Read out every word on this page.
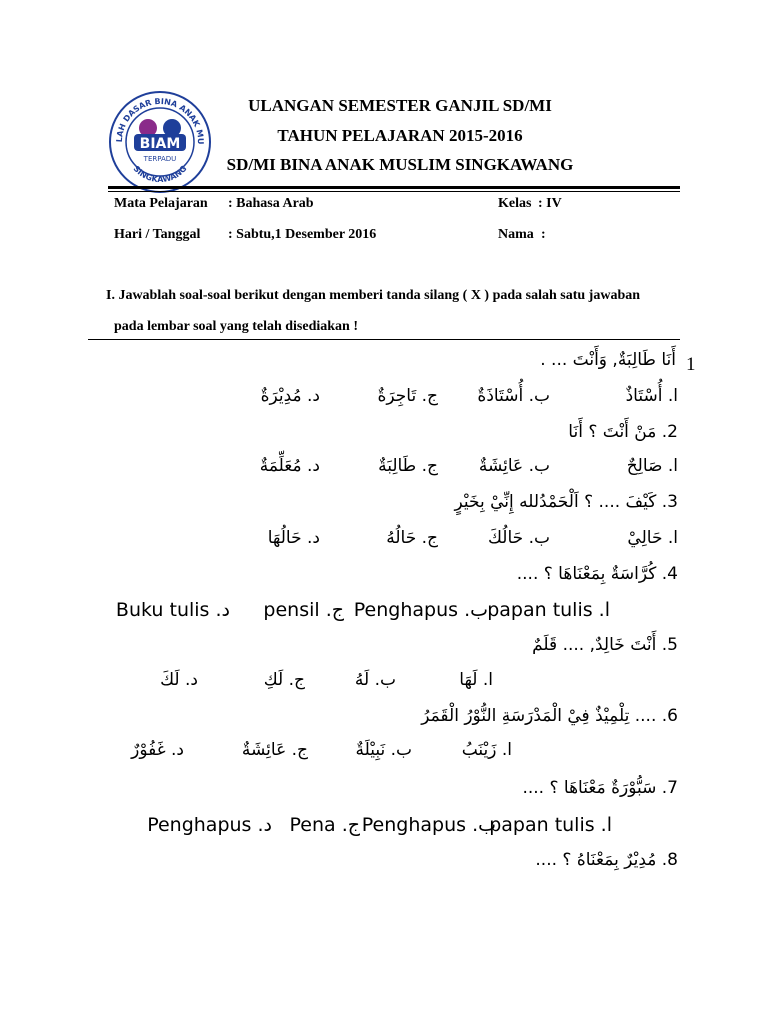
LAH DASAR BINA ANAK MU
SINGKAWANG
BIAM
TERPADU
ULANGAN SEMESTER GANJIL SD/MI
TAHUN PELAJARAN 2015-2016
SD/MI BINA ANAK MUSLIM SINGKAWANG
Mata Pelajaran : Bahasa Arab	Kelas : IV
Hari / Tanggal : Sabtu,1 Desember 2016	Nama :
I. Jawablah soal-soal berikut dengan memberi tanda silang ( X ) pada salah satu jawaban
pada lembar soal yang telah disediakan !
1
أَنَا طَالِبَةٌ, وَأَنْتَ ... .
ا. أُسْتَاذٌ
ب. أُسْتَاذَةٌ
ج. تَاجِرَةٌ
د. مُدِيْرَةٌ
2. مَنْ أَنْتَ ؟ أَنَا
ا. صَالِحٌ
ب. عَائِشَةٌ
ج. طَالِبَةٌ
د. مُعَلِّمَةٌ
3. كَيْفَ .... ؟ اَلْحَمْدُلله إِنِّيْ بِخَيْرٍ
ا. حَالِيْ
ب. حَالُكَ
ج. حَالُهُ
د. حَالُهَا
4. كُرَّاسَةٌ بِمَعْنَاهَا ؟ ....
ا. papan tulis
ب. Penghapus
ج. pensil
د. Buku tulis
5. أَنْتَ خَالِدٌ, .... قَلَمٌ
ا. لَهَا
ب. لَهُ
ج. لَكِ
د. لَكَ
6. .... تِلْمِيْذٌ فِيْ الْمَدْرَسَةِ النُّوْرُ الْقَمَرُ
ا. زَيْنَبُ
ب. نَبِيْلَةٌ
ج. عَائِشَةٌ
د. غَفُوْرٌ
7. سَبُّوْرَةٌ مَعْنَاهَا ؟ ....
ا. papan tulis
ب. Penghapus
ج. Pena
د. Penghapus
8. مُدِيْرٌ بِمَعْنَاهُ ؟ ....
